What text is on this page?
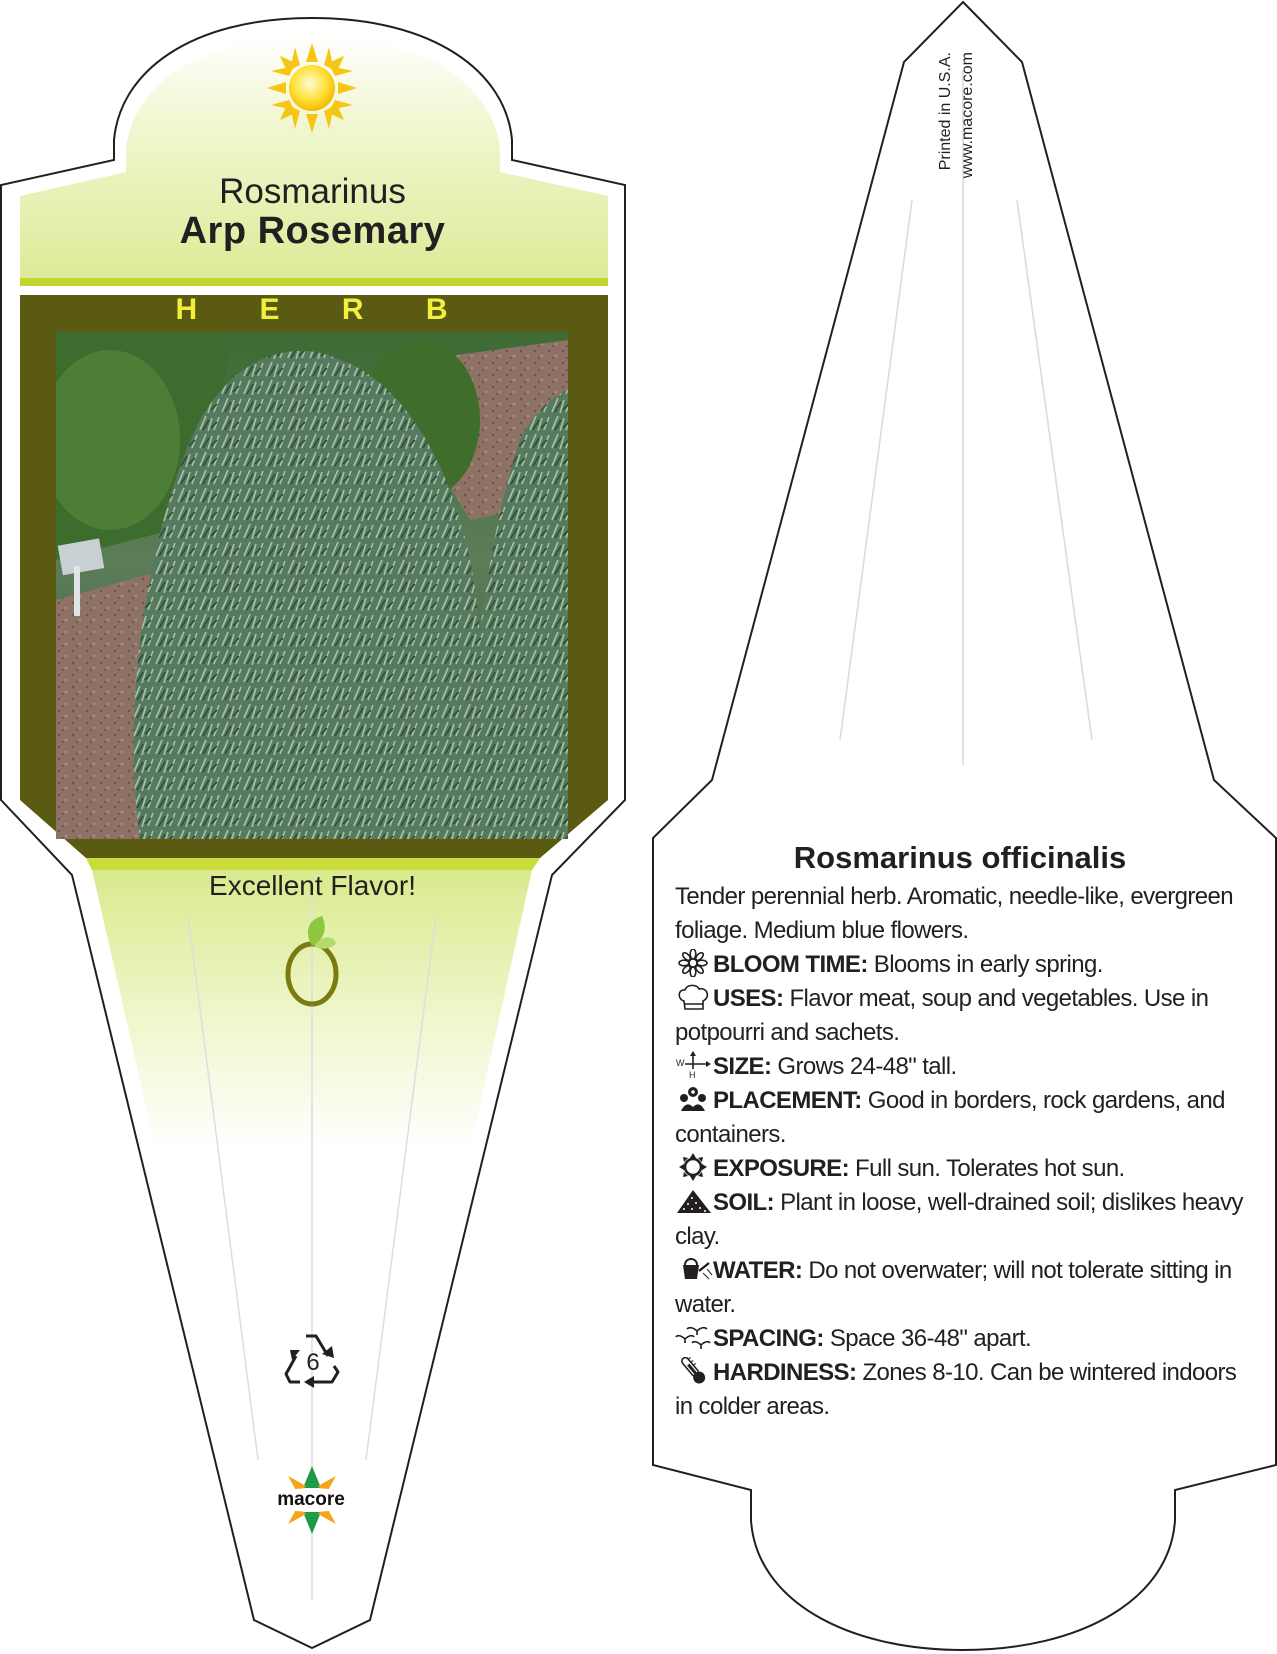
Rosmarinus
Arp Rosemary
H E R B
Excellent Flavor!
6
macore
Printed in U.S.A. www.macore.com
Rosmarinus officinalis

Tender perennial herb. Aromatic, needle-like, evergreen foliage. Medium blue flowers.

BLOOM TIME: Blooms in early spring.

USES: Flavor meat, soup and vegetables. Use in potpourri and sachets.

W
H SIZE: Grows 24-48" tall.

PLACEMENT: Good in borders, rock gardens, and containers.

EXPOSURE: Full sun. Tolerates hot sun.

SOIL: Plant in loose, well-drained soil; dislikes heavy clay.

WATER: Do not overwater; will not tolerate sitting in water.

SPACING: Space 36-48" apart.

HARDINESS: Zones 8-10. Can be wintered indoors in colder areas.
